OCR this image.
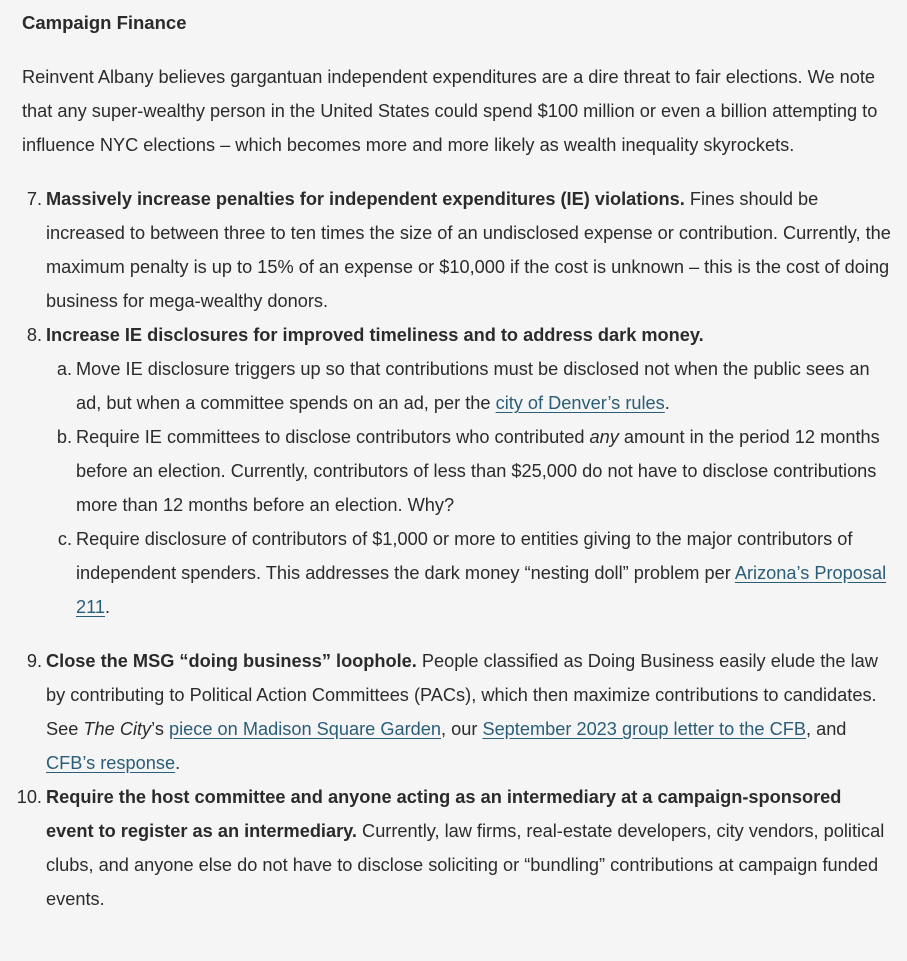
Campaign Finance

Reinvent Albany believes gargantuan independent expenditures are a dire threat to fair elections. We note that any super-wealthy person in the United States could spend $100 million or even a billion attempting to influence NYC elections – which becomes more and more likely as wealth inequality skyrockets.

7. Massively increase penalties for independent expenditures (IE) violations. Fines should be increased to between three to ten times the size of an undisclosed expense or contribution. Currently, the maximum penalty is up to 15% of an expense or $10,000 if the cost is unknown – this is the cost of doing business for mega-wealthy donors.
8. Increase IE disclosures for improved timeliness and to address dark money.
a. Move IE disclosure triggers up so that contributions must be disclosed not when the public sees an ad, but when a committee spends on an ad, per the city of Denver’s rules.
b. Require IE committees to disclose contributors who contributed any amount in the period 12 months before an election. Currently, contributors of less than $25,000 do not have to disclose contributions more than 12 months before an election. Why?
c. Require disclosure of contributors of $1,000 or more to entities giving to the major contributors of independent spenders. This addresses the dark money “nesting doll” problem per Arizona’s Proposal 211.
9. Close the MSG “doing business” loophole. People classified as Doing Business easily elude the law by contributing to Political Action Committees (PACs), which then maximize contributions to candidates. See The City’s piece on Madison Square Garden, our September 2023 group letter to the CFB, and CFB’s response.
10. Require the host committee and anyone acting as an intermediary at a campaign-sponsored event to register as an intermediary. Currently, law firms, real-estate developers, city vendors, political clubs, and anyone else do not have to disclose soliciting or “bundling” contributions at campaign funded events.
